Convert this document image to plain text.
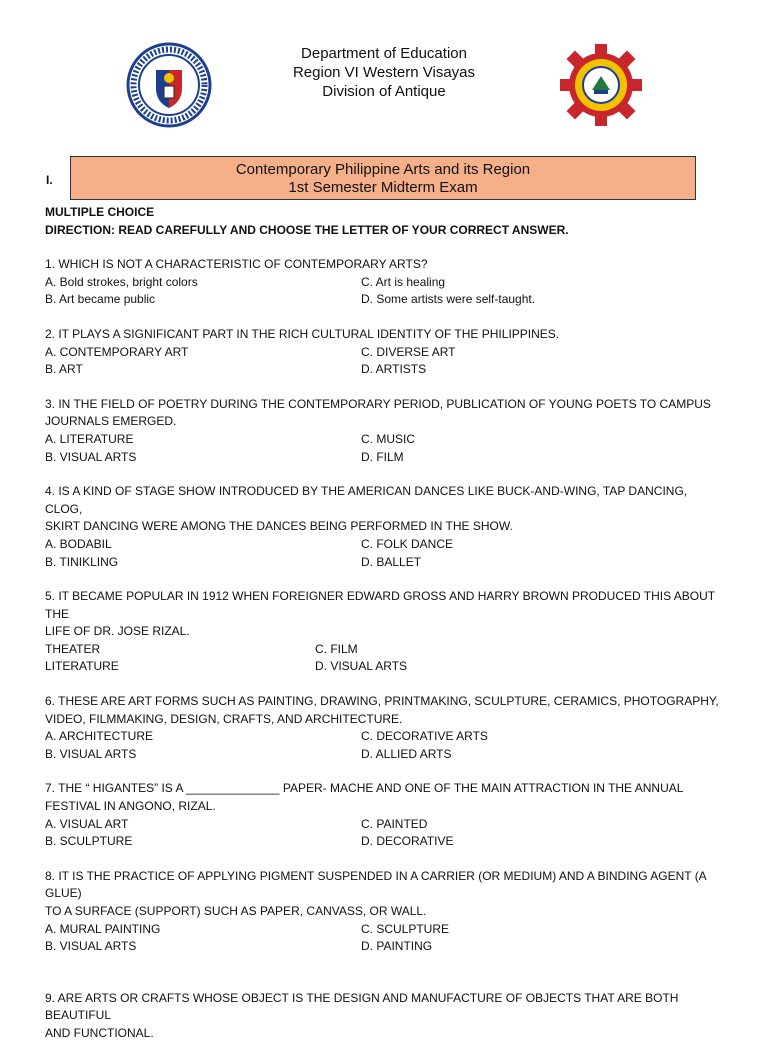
Department of Education
Region VI Western Visayas
Division of Antique
I.
Contemporary Philippine Arts and its Region
1st Semester Midterm Exam
MULTIPLE CHOICE
DIRECTION: READ CAREFULLY AND CHOOSE THE LETTER OF YOUR CORRECT ANSWER.
1. WHICH IS NOT A CHARACTERISTIC OF CONTEMPORARY ARTS?
A. Bold strokes, bright colors	C. Art is healing
B. Art became public	D. Some artists were self-taught.
2. IT PLAYS A SIGNIFICANT PART IN THE RICH CULTURAL IDENTITY OF THE PHILIPPINES.
A. CONTEMPORARY ART	C. DIVERSE ART
B. ART	D. ARTISTS
3. IN THE FIELD OF POETRY DURING THE CONTEMPORARY PERIOD, PUBLICATION OF YOUNG POETS TO CAMPUS
JOURNALS EMERGED.
A. LITERATURE	C. MUSIC
B. VISUAL ARTS	D. FILM
4. IS A KIND OF STAGE SHOW INTRODUCED BY THE AMERICAN DANCES LIKE BUCK-AND-WING, TAP DANCING, CLOG,
SKIRT DANCING WERE AMONG THE DANCES BEING PERFORMED IN THE SHOW.
A. BODABIL	C. FOLK DANCE
B. TINIKLING	D. BALLET
5. IT BECAME POPULAR IN 1912 WHEN FOREIGNER EDWARD GROSS AND HARRY BROWN PRODUCED THIS ABOUT THE
LIFE OF DR. JOSE RIZAL.
THEATER	C. FILM
LITERATURE	D. VISUAL ARTS
6. THESE ARE ART FORMS SUCH AS PAINTING, DRAWING, PRINTMAKING, SCULPTURE, CERAMICS, PHOTOGRAPHY,
VIDEO, FILMMAKING, DESIGN, CRAFTS, AND ARCHITECTURE.
A. ARCHITECTURE	C. DECORATIVE ARTS
B. VISUAL ARTS	D. ALLIED ARTS
7. THE “ HIGANTES” IS A ______________ PAPER- MACHE AND ONE OF THE MAIN ATTRACTION IN THE ANNUAL
FESTIVAL IN ANGONO, RIZAL.
A. VISUAL ART	C. PAINTED
B. SCULPTURE	D. DECORATIVE
8. IT IS THE PRACTICE OF APPLYING PIGMENT SUSPENDED IN A CARRIER (OR MEDIUM) AND A BINDING AGENT (A GLUE)
TO A SURFACE (SUPPORT) SUCH AS PAPER, CANVASS, OR WALL.
A. MURAL PAINTING	C. SCULPTURE
B. VISUAL ARTS	D. PAINTING
9. ARE ARTS OR CRAFTS WHOSE OBJECT IS THE DESIGN AND MANUFACTURE OF OBJECTS THAT ARE BOTH BEAUTIFUL
AND FUNCTIONAL.
